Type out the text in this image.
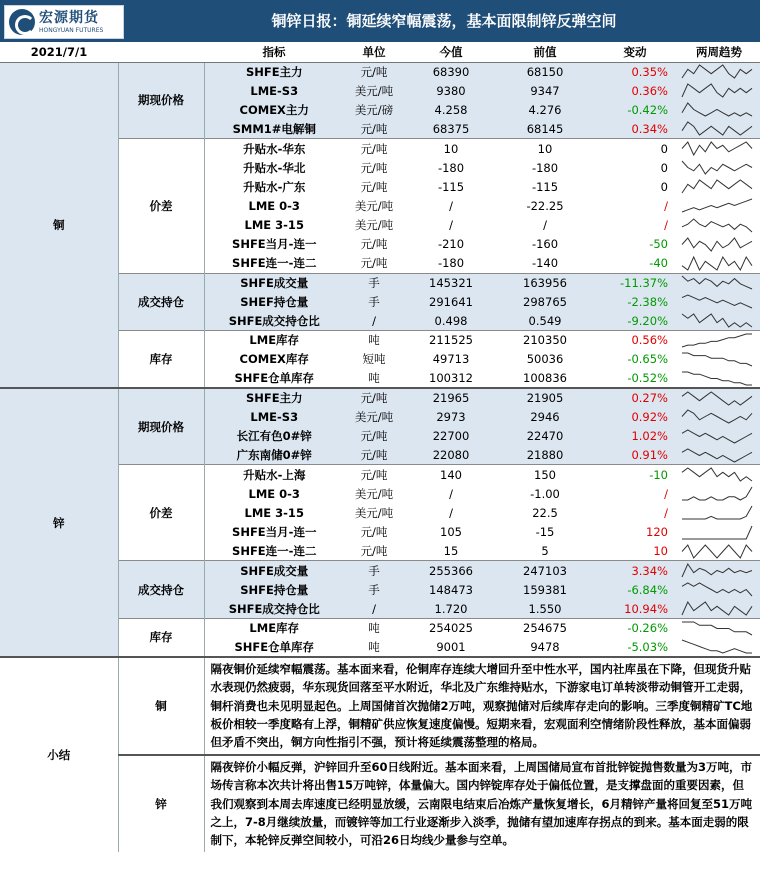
宏源期货
HONGYUAN FUTURES	铜锌日报：铜延续窄幅震荡，基本面限制锌反弹空间
2021/7/1		指标	单位	今值	前值	变动	两周趋势
铜	期现价格	SHFE主力	元/吨	68390	68150	0.35%	

		LME-S3	美元/吨	9380	9347	0.36%	

		COMEX主力	美元/磅	4.258	4.276	-0.42%	

		SMM1#电解铜	元/吨	68375	68145	0.34%	

	价差	升贴水-华东	元/吨	10	10	0	

		升贴水-华北	元/吨	-180	-180	0	

		升贴水-广东	元/吨	-115	-115	0	

		LME 0-3	美元/吨	/	-22.25	/	

		LME 3-15	美元/吨	/	/	/	

		SHFE当月-连一	元/吨	-210	-160	-50	

		SHFE连一-连二	元/吨	-180	-140	-40	

	成交持仓	SHFE成交量	手	145321	163956	-11.37%	

		SHEF持仓量	手	291641	298765	-2.38%	

		SHFE成交持仓比	/	0.498	0.549	-9.20%	

	库存	LME库存	吨	211525	210350	0.56%	

		COMEX库存	短吨	49713	50036	-0.65%	

		SHFE仓单库存	吨	100312	100836	-0.52%	

锌	期现价格	SHFE主力	元/吨	21965	21905	0.27%	

		LME-S3	美元/吨	2973	2946	0.92%	

		长江有色0#锌	元/吨	22700	22470	1.02%	

		广东南储0#锌	元/吨	22080	21880	0.91%	

	价差	升贴水-上海	元/吨	140	150	-10	

		LME 0-3	美元/吨	/	-1.00	/	

		LME 3-15	美元/吨	/	22.5	/	

		SHFE当月-连一	元/吨	105	-15	120	

		SHFE连一-连二	元/吨	15	5	10	

	成交持仓	SHFE成交量	手	255366	247103	3.34%	

		SHFE持仓量	手	148473	159381	-6.84%	

		SHFE成交持仓比	/	1.720	1.550	10.94%	

	库存	LME库存	吨	254025	254675	-0.26%	

		SHFE仓单库存	吨	9001	9478	-5.03%	

小结	铜	隔夜铜价延续窄幅震荡。基本面来看，伦铜库存连续大增回升至中性水平，国内社库虽在下降，但现货升贴水表现仍然疲弱，华东现货回落至平水附近，华北及广东维持贴水，下游家电订单转淡带动铜管开工走弱，铜杆消费也未见明显起色。上周国储首次抛储2万吨，观察抛储对后续库存走向的影响。三季度铜精矿TC地板价相较一季度略有上浮，铜精矿供应恢复速度偏慢。短期来看，宏观面利空情绪阶段性释放，基本面偏弱但矛盾不突出，铜方向性指引不强，预计将延续震荡整理的格局。					
	锌	隔夜锌价小幅反弹，沪锌回升至60日线附近。基本面来看，上周国储局宣布首批锌锭抛售数量为3万吨，市场传言称本次共计将出售15万吨锌，体量偏大。国内锌锭库存处于偏低位置，是支撑盘面的重要因素，但我们观察到本周去库速度已经明显放缓，云南限电结束后冶炼产量恢复增长，6月精锌产量将回复至51万吨之上，7-8月继续放量，而镀锌等加工行业逐渐步入淡季，抛储有望加速库存拐点的到来。基本面走弱的限制下，本轮锌反弹空间较小，可沿26日均线少量参与空单。					
